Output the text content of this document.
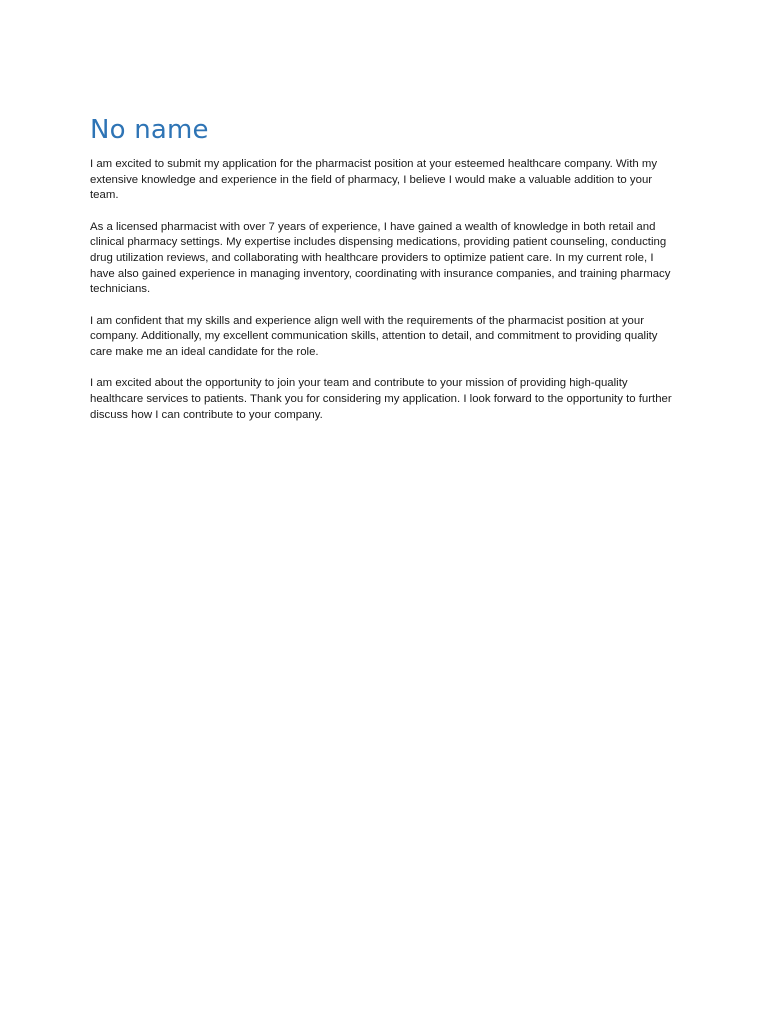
No name

I am excited to submit my application for the pharmacist position at your esteemed healthcare company. With my extensive knowledge and experience in the field of pharmacy, I believe I would make a valuable addition to your team.

As a licensed pharmacist with over 7 years of experience, I have gained a wealth of knowledge in both retail and clinical pharmacy settings. My expertise includes dispensing medications, providing patient counseling, conducting drug utilization reviews, and collaborating with healthcare providers to optimize patient care. In my current role, I have also gained experience in managing inventory, coordinating with insurance companies, and training pharmacy technicians.

I am confident that my skills and experience align well with the requirements of the pharmacist position at your company. Additionally, my excellent communication skills, attention to detail, and commitment to providing quality care make me an ideal candidate for the role.

I am excited about the opportunity to join your team and contribute to your mission of providing high-quality healthcare services to patients. Thank you for considering my application. I look forward to the opportunity to further discuss how I can contribute to your company.
